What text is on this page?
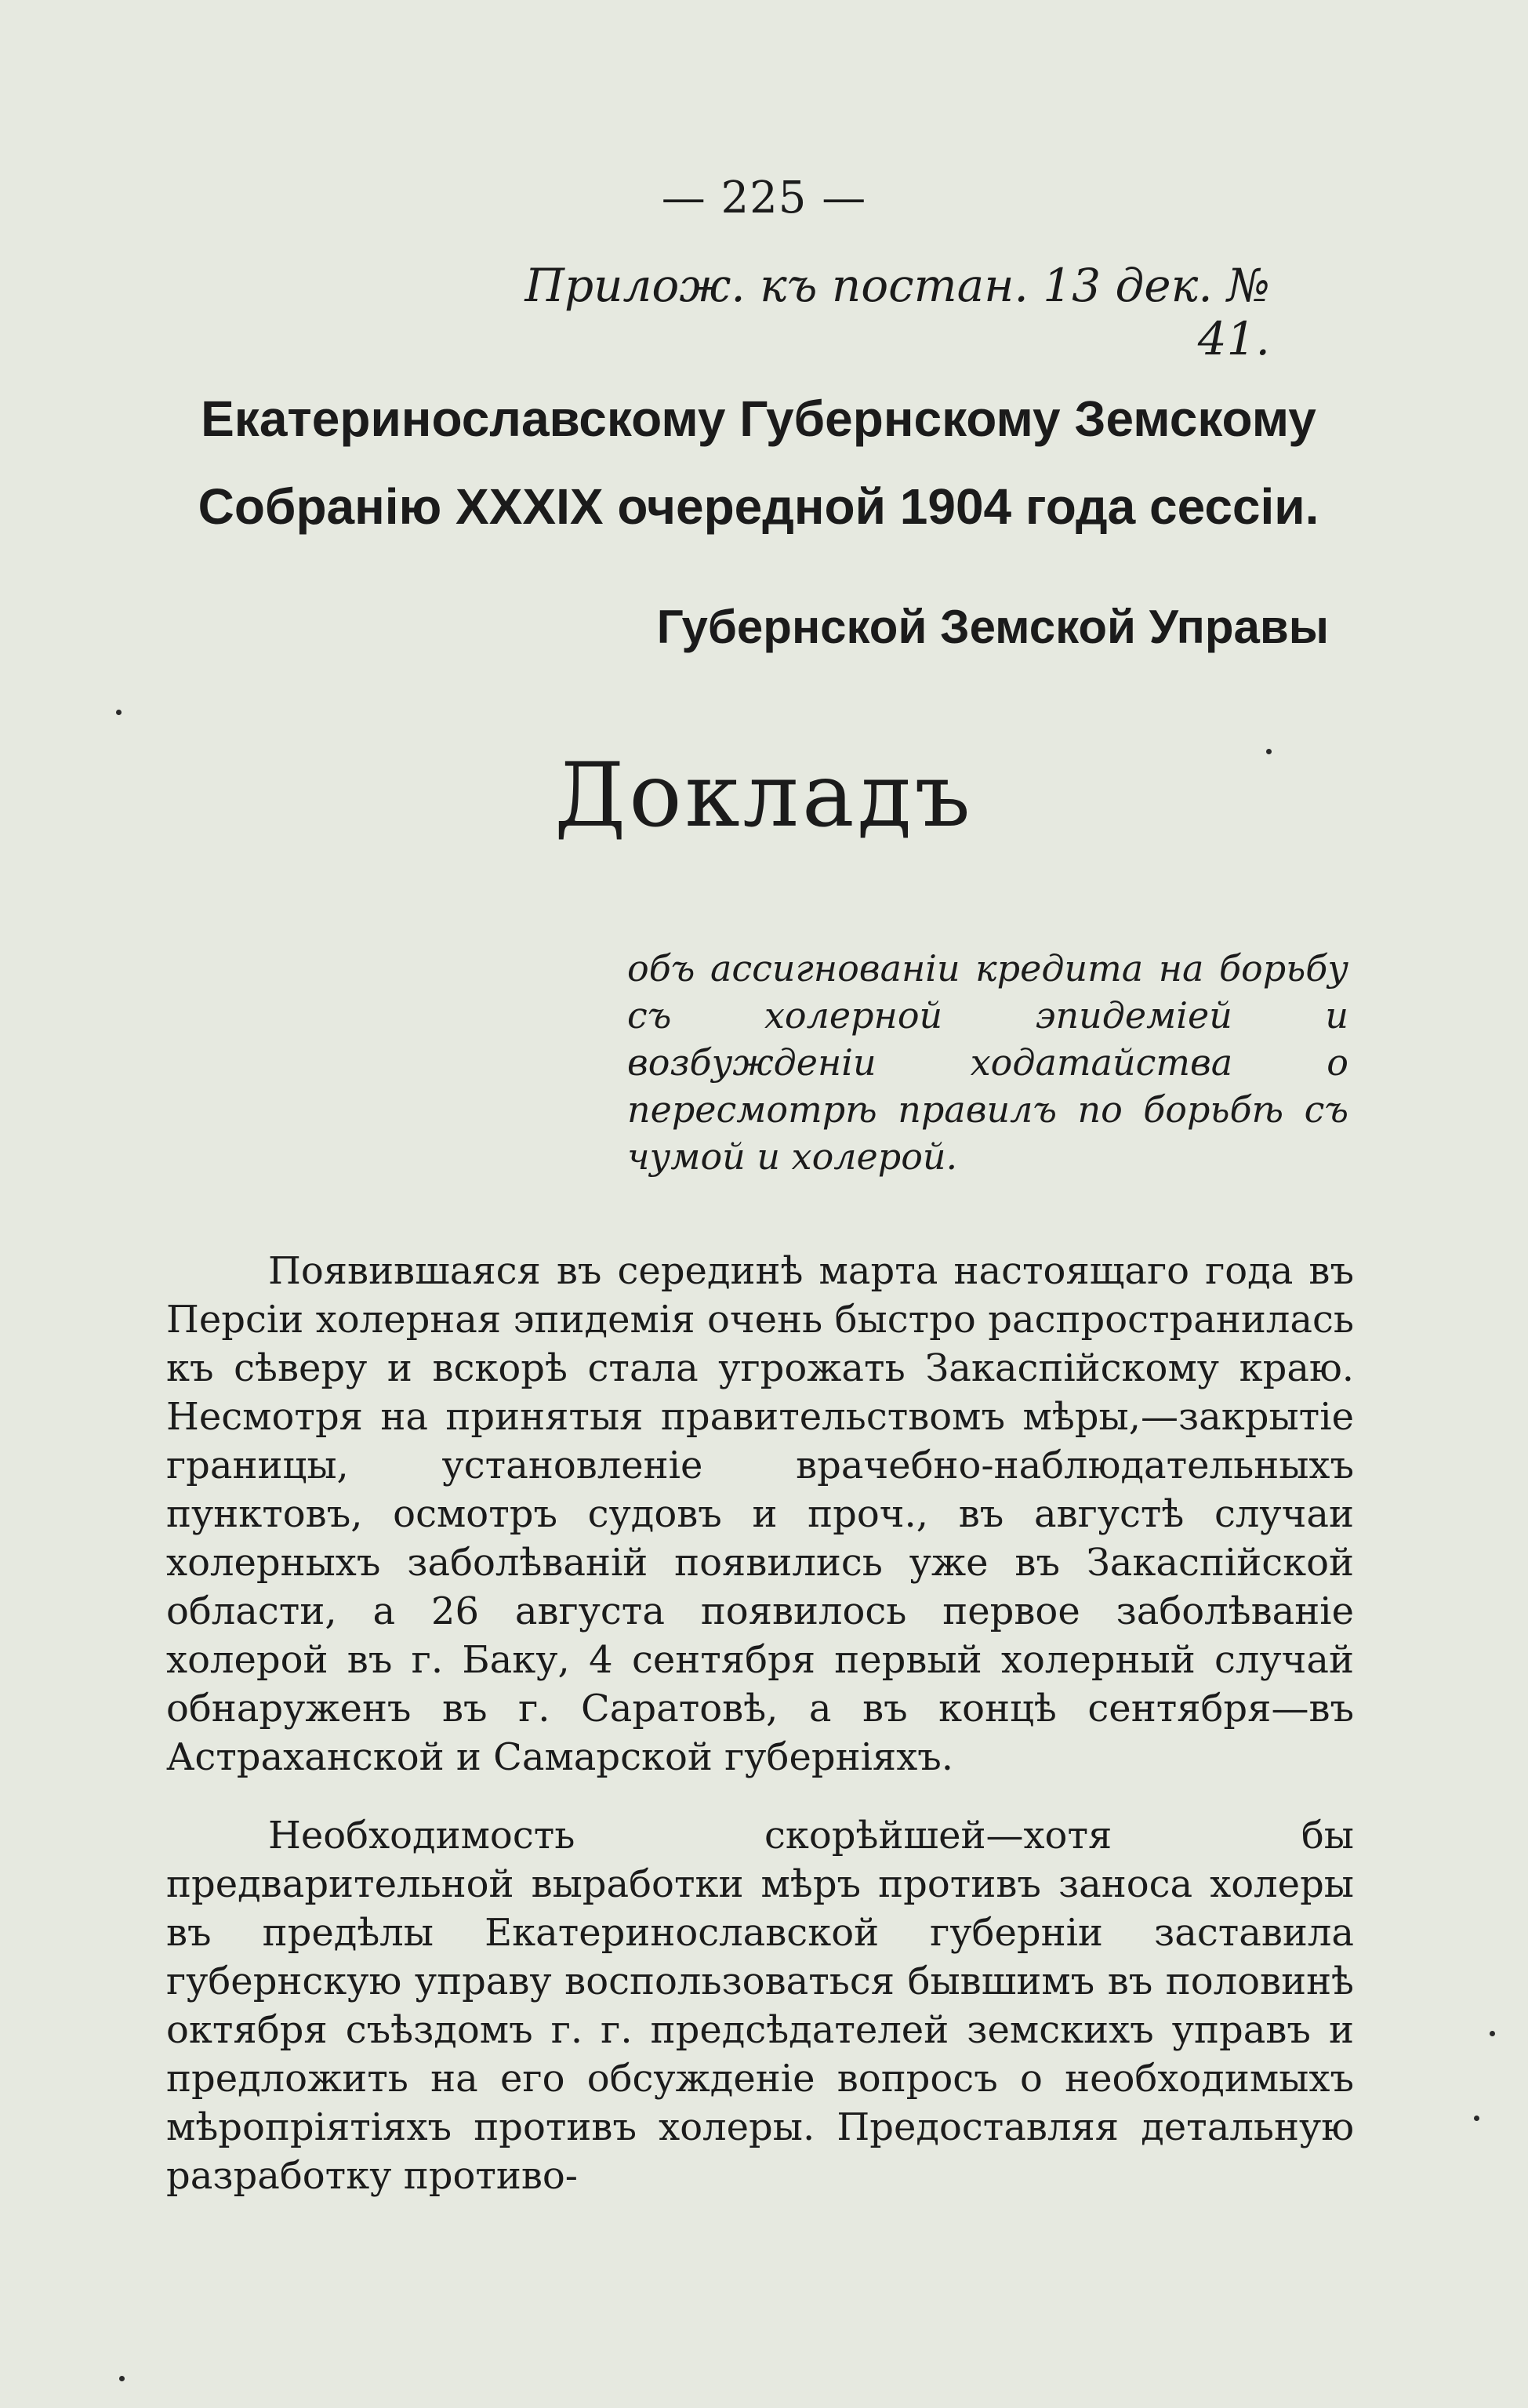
— 225 —
Прилож. къ постан. 13 дек. № 41.
Екатеринославскому Губернскому Земскому Собранію XXXIX очередной 1904 года сессіи.
Губернской Земской Управы
Докладъ
объ ассигнованіи кредита на борьбу съ холерной эпидеміей и возбужденіи ходатайства о пересмотрѣ правилъ по борьбѣ съ чумой и холерой.

Появившаяся въ серединѣ марта настоящаго года въ Персіи холерная эпидемія очень быстро распространилась къ сѣверу и вскорѣ стала угрожать Закаспійскому краю. Несмотря на принятыя правительствомъ мѣры,—закрытіе границы, установленіе врачебно-наблюдательныхъ пунктовъ, осмотръ судовъ и проч., въ августѣ случаи холерныхъ заболѣваній появились уже въ Закаспійской области, а 26 августа появилось первое заболѣваніе холерой въ г. Баку, 4 сентября первый холерный случай обнаруженъ въ г. Саратовѣ, а въ концѣ сентября—въ Астраханской и Самарской губерніяхъ.

Необходимость скорѣйшей—хотя бы предварительной выработки мѣръ противъ заноса холеры въ предѣлы Екатеринославской губерніи заставила губернскую управу воспользоваться бывшимъ въ половинѣ октября съѣздомъ г. г. предсѣдателей земскихъ управъ и предложить на его обсужденіе вопросъ о необходимыхъ мѣропріятіяхъ противъ холеры. Предоставляя детальную разработку противо-
